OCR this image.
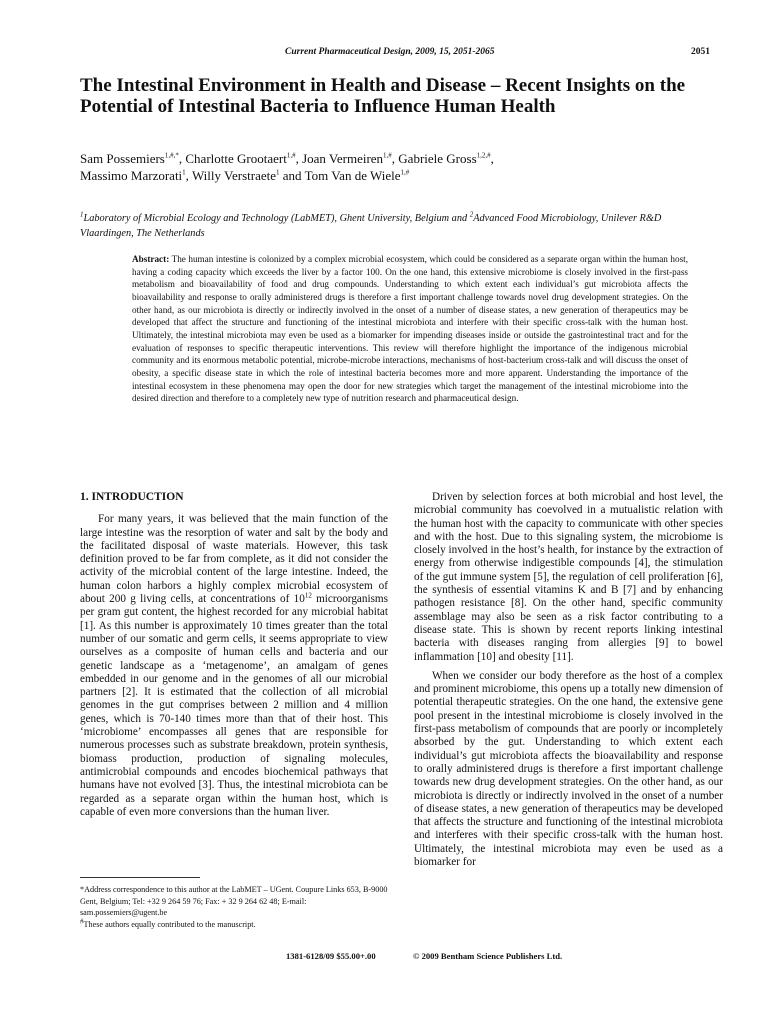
Current Pharmaceutical Design, 2009, 15, 2051-2065	2051
The Intestinal Environment in Health and Disease – Recent Insights on the Potential of Intestinal Bacteria to Influence Human Health

Sam Possemiers$^{1,\#,*}$, Charlotte Grootaert$^{1,\#}$, Joan Vermeiren$^{1,\#}$, Gabriele Gross$^{1,2,\#}$,
Massimo Marzorati$^1$, Willy Verstraete$^1$ and Tom Van de Wiele$^{1,\#}$

$^1$Laboratory of Microbial Ecology and Technology (LabMET), Ghent University, Belgium and $^2$Advanced Food Microbiology, Unilever R&D Vlaardingen, The Netherlands

Abstract: The human intestine is colonized by a complex microbial ecosystem, which could be considered as a separate organ within the human host, having a coding capacity which exceeds the liver by a factor 100. On the one hand, this extensive microbiome is closely involved in the first-pass metabolism and bioavailability of food and drug compounds. Understanding to which extent each individual’s gut microbiota affects the bioavailability and response to orally administered drugs is therefore a first important challenge towards novel drug development strategies. On the other hand, as our microbiota is directly or indirectly involved in the onset of a number of disease states, a new generation of therapeutics may be developed that affect the structure and functioning of the intestinal microbiota and interfere with their specific cross-talk with the human host. Ultimately, the intestinal microbiota may even be used as a biomarker for impending diseases inside or outside the gastrointestinal tract and for the evaluation of responses to specific therapeutic interventions. This review will therefore highlight the importance of the indigenous microbial community and its enormous metabolic potential, microbe-microbe interactions, mechanisms of host-bacterium cross-talk and will discuss the onset of obesity, a specific disease state in which the role of intestinal bacteria becomes more and more apparent. Understanding the importance of the intestinal ecosystem in these phenomena may open the door for new strategies which target the management of the intestinal microbiome into the desired direction and therefore to a completely new type of nutrition research and pharmaceutical design.

1. INTRODUCTION

For many years, it was believed that the main function of the large intestine was the resorption of water and salt by the body and the facilitated disposal of waste materials. However, this task definition proved to be far from complete, as it did not consider the activity of the microbial content of the large intestine. Indeed, the human colon harbors a highly complex microbial ecosystem of about 200 g living cells, at concentrations of $10^{12}$ microorganisms per gram gut content, the highest recorded for any microbial habitat [1]. As this number is approximately 10 times greater than the total number of our somatic and germ cells, it seems appropriate to view ourselves as a composite of human cells and bacteria and our genetic landscape as a ‘metagenome’, an amalgam of genes embedded in our genome and in the genomes of all our microbial partners [2]. It is estimated that the collection of all microbial genomes in the gut comprises between 2 million and 4 million genes, which is 70-140 times more than that of their host. This ‘microbiome’ encompasses all genes that are responsible for numerous processes such as substrate breakdown, protein synthesis, biomass production, production of signaling molecules, antimicrobial compounds and encodes biochemical pathways that humans have not evolved [3]. Thus, the intestinal microbiota can be regarded as a separate organ within the human host, which is capable of even more conversions than the human liver.

Driven by selection forces at both microbial and host level, the microbial community has coevolved in a mutualistic relation with the human host with the capacity to communicate with other species and with the host. Due to this signaling system, the microbiome is closely involved in the host’s health, for instance by the extraction of energy from otherwise indigestible compounds [4], the stimulation of the gut immune system [5], the regulation of cell proliferation [6], the synthesis of essential vitamins K and B [7] and by enhancing pathogen resistance [8]. On the other hand, specific community assemblage may also be seen as a risk factor contributing to a disease state. This is shown by recent reports linking intestinal bacteria with diseases ranging from allergies [9] to bowel inflammation [10] and obesity [11].

When we consider our body therefore as the host of a complex and prominent microbiome, this opens up a totally new dimension of potential therapeutic strategies. On the one hand, the extensive gene pool present in the intestinal microbiome is closely involved in the first-pass metabolism of compounds that are poorly or incompletely absorbed by the gut. Understanding to which extent each individual’s gut microbiota affects the bioavailability and response to orally administered drugs is therefore a first important challenge towards new drug development strategies. On the other hand, as our microbiota is directly or indirectly involved in the onset of a number of disease states, a new generation of therapeutics may be developed that affects the structure and functioning of the intestinal microbiota and interferes with their specific cross-talk with the human host. Ultimately, the intestinal microbiota may even be used as a biomarker for

*Address correspondence to this author at the LabMET – UGent. Coupure Links 653, B-9000 Gent, Belgium; Tel: +32 9 264 59 76; Fax: + 32 9 264 62 48; E-mail: sam.possemiers@ugent.be

#These authors equally contributed to the manuscript.

1381-6128/09 $55.00+.00	© 2009 Bentham Science Publishers Ltd.
